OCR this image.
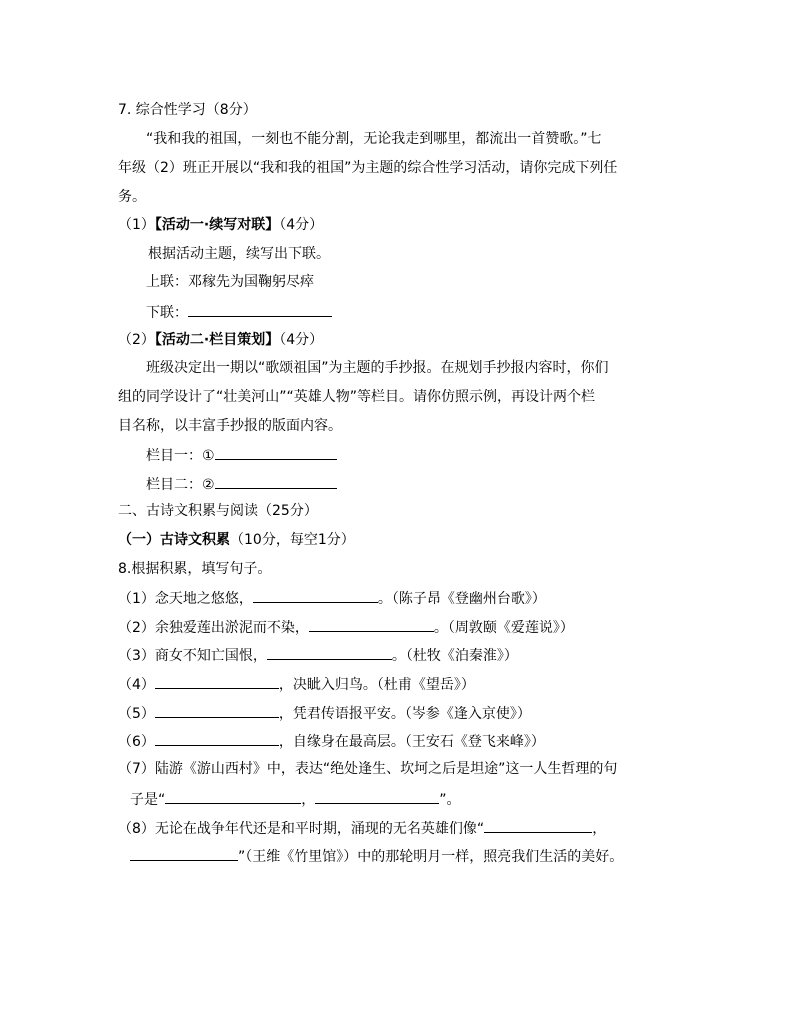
7. 综合性学习（8分）
“我和我的祖国，一刻也不能分割，无论我走到哪里，都流出一首赞歌。”七
年级（2）班正开展以“我和我的祖国”为主题的综合性学习活动，请你完成下列任
务。
（1）【活动一·续写对联】（4分）
根据活动主题，续写出下联。
上联：邓稼先为国鞠躬尽瘁
下联：
（2）【活动二·栏目策划】（4分）
班级决定出一期以“歌颂祖国”为主题的手抄报。在规划手抄报内容时，你们
组的同学设计了“壮美河山”“英雄人物”等栏目。请你仿照示例，再设计两个栏
目名称，以丰富手抄报的版面内容。
栏目一：①
栏目二：②
二、古诗文积累与阅读（25分）
（一）古诗文积累（10分，每空1分）
8.根据积累，填写句子。
（1）念天地之悠悠，	。（陈子昂《登幽州台歌》）
（2）余独爱莲出淤泥而不染，	。（周敦颐《爱莲说》）
（3）商女不知亡国恨，	。（杜牧《泊秦淮》）
（4）	，决眦入归鸟。（杜甫《望岳》）
（5）	，凭君传语报平安。（岑参《逢入京使》）
（6）	，自缘身在最高层。（王安石《登飞来峰》）
（7）陆游《游山西村》中，表达“绝处逢生、坎坷之后是坦途”这一人生哲理的句
子是“	，	”。
（8）无论在战争年代还是和平时期，涌现的无名英雄们像“	，
”（王维《竹里馆》）中的那轮明月一样，照亮我们生活的美好。
